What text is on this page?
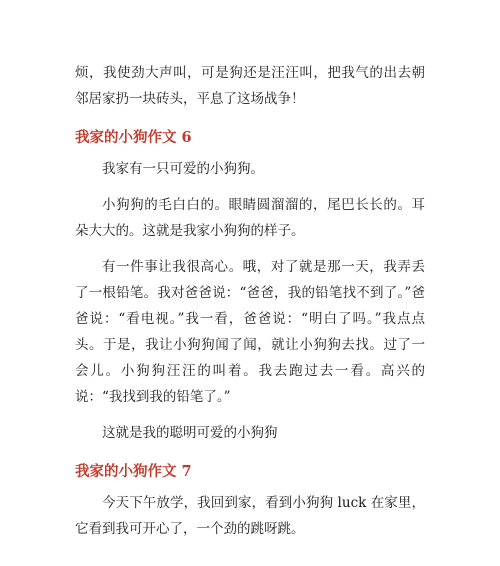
烦，我使劲大声叫，可是狗还是汪汪叫，把我气的出去朝邻居家扔一块砖头，平息了这场战争！

我家的小狗作文 6

我家有一只可爱的小狗狗。

小狗狗的毛白白的。眼睛圆溜溜的，尾巴长长的。耳朵大大的。这就是我家小狗狗的样子。

有一件事让我很高心。哦，对了就是那一天，我弄丢了一根铅笔。我对爸爸说：“爸爸，我的铅笔找不到了。”爸爸说：“看电视。”我一看，爸爸说：“明白了吗。”我点点头。于是，我让小狗狗闻了闻，就让小狗狗去找。过了一会儿。小狗狗汪汪的叫着。我去跑过去一看。高兴的说：“我找到我的铅笔了。”

这就是我的聪明可爱的小狗狗

我家的小狗作文 7

今天下午放学，我回到家，看到小狗狗 luck 在家里，它看到我可开心了，一个劲的跳呀跳。
